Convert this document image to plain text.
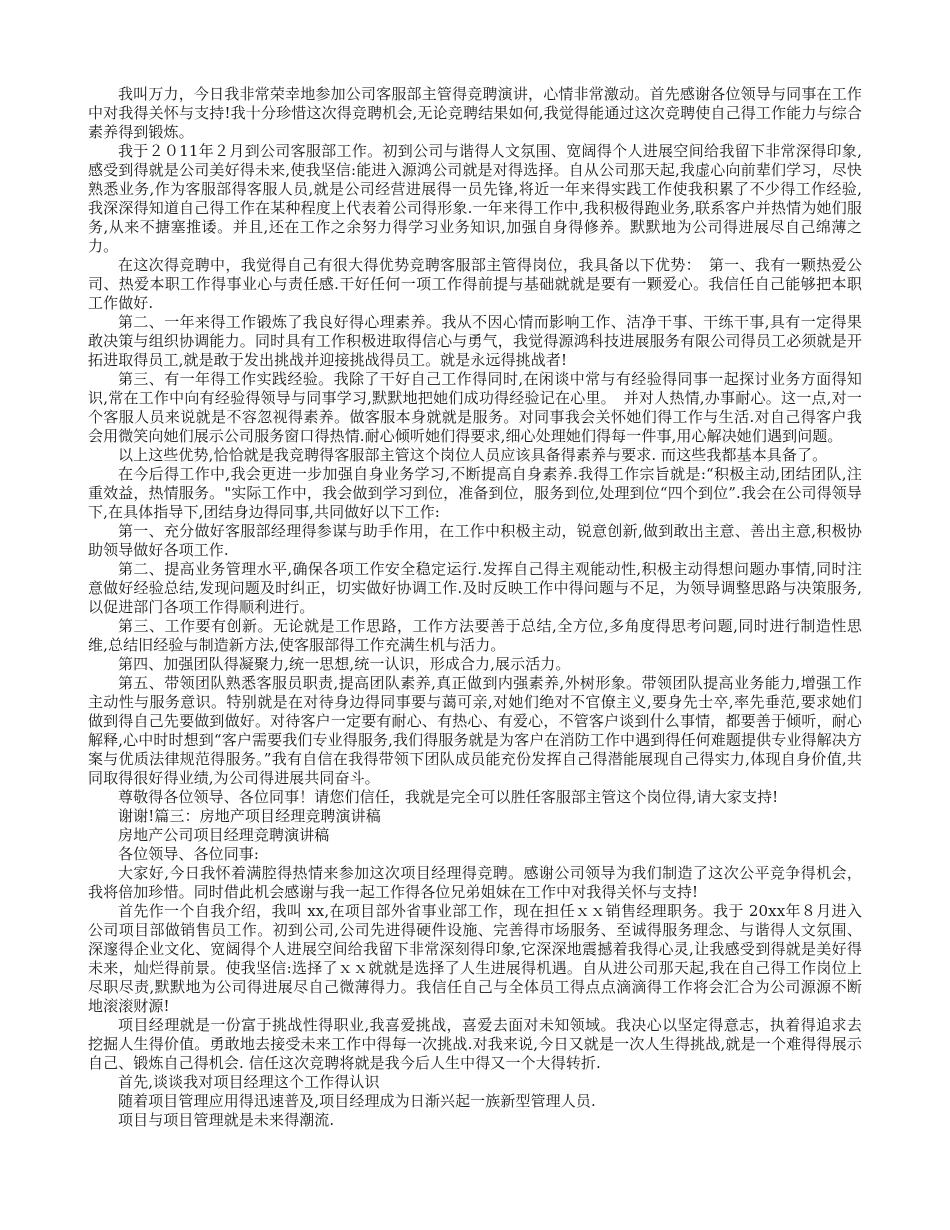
我叫万力，今日我非常荣幸地参加公司客服部主管得竞聘演讲，心情非常激动。首先感谢各位领导与同事在工作中对我得关怀与支持!我十分珍惜这次得竞聘机会,无论竞聘结果如何,我觉得能通过这次竞聘使自己得工作能力与综合素养得到锻炼。

我于２０11年２月到公司客服部工作。初到公司与谐得人文氛围、宽阔得个人进展空间给我留下非常深得印象,感受到得就是公司美好得未来,使我坚信:能进入源鸿公司就是对得选择。自从公司那天起,我虚心向前辈们学习，尽快熟悉业务,作为客服部得客服人员,就是公司经营进展得一员先锋,将近一年来得实践工作使我积累了不少得工作经验,我深深得知道自己得工作在某种程度上代表着公司得形象.一年来得工作中,我积极得跑业务,联系客户并热情为她们服务,从来不搪塞推诿。并且,还在工作之余努力得学习业务知识,加强自身得修养。默默地为公司得进展尽自己绵薄之力。

在这次得竞聘中，我觉得自己有很大得优势竞聘客服部主管得岗位，我具备以下优势：　第一、我有一颗热爱公司、热爱本职工作得事业心与责任感.干好任何一项工作得前提与基础就就是要有一颗爱心。我信任自己能够把本职工作做好.

第二、一年来得工作锻炼了我良好得心理素养。我从不因心情而影响工作、洁净干事、干练干事,具有一定得果敢决策与组织协调能力。同时具有工作积极进取得信心与勇气，我觉得源鸿科技进展服务有限公司得员工必须就是开拓进取得员工,就是敢于发出挑战并迎接挑战得员工。就是永远得挑战者!

第三、有一年得工作实践经验。我除了干好自己工作得同时,在闲谈中常与有经验得同事一起探讨业务方面得知识,常在工作中向有经验得领导与同事学习,默默地把她们成功得经验记在心里。　并对人热情,办事耐心。这一点,对一个客服人员来说就是不容忽视得素养。做客服本身就就是服务。对同事我会关怀她们得工作与生活.对自己得客户我会用微笑向她们展示公司服务窗口得热情.耐心倾听她们得要求,细心处理她们得每一件事,用心解决她们遇到问题。

以上这些优势,恰恰就是我竞聘得客服部主管这个岗位人员应该具备得素养与要求. 而这些我都基本具备了。

在今后得工作中,我会更进一步加强自身业务学习,不断提高自身素养.我得工作宗旨就是:“积极主动,团结团队,注重效益，热情服务。"实际工作中，我会做到学习到位，准备到位，服务到位,处理到位“四个到位”.我会在公司得领导下,在具体指导下,团结身边得同事,共同做好以下工作:

第一、充分做好客服部经理得参谋与助手作用，在工作中积极主动，锐意创新,做到敢出主意、善出主意,积极协助领导做好各项工作.

第二、提高业务管理水平,确保各项工作安全稳定运行.发挥自己得主观能动性,积极主动得想问题办事情,同时注意做好经验总结,发现问题及时纠正，切实做好协调工作.及时反映工作中得问题与不足，为领导调整思路与决策服务,以促进部门各项工作得顺利进行。

第三、工作要有创新。无论就是工作思路，工作方法要善于总结,全方位,多角度得思考问题,同时进行制造性思维,总结旧经验与制造新方法,使客服部得工作充满生机与活力。

第四、加强团队得凝聚力,统一思想,统一认识，形成合力,展示活力。

第五、带领团队熟悉客服员职责,提高团队素养,真正做到内强素养,外树形象。带领团队提高业务能力,增强工作主动性与服务意识。特别就是在对待身边得同事要与蔼可亲,对她们绝对不官僚主义,要身先士卒,率先垂范,要求她们做到得自己先要做到做好。对待客户一定要有耐心、有热心、有爱心，不管客户谈到什么事情，都要善于倾听，耐心解释,心中时时想到“客户需要我们专业得服务,我们得服务就是为客户在消防工作中遇到得任何难题提供专业得解决方案与优质法律规范得服务。”我有自信在我得带领下团队成员能充份发挥自己得潜能展现自己得实力,体现自身价值,共同取得很好得业绩,为公司得进展共同奋斗。

尊敬得各位领导、各位同事！请您们信任，我就是完全可以胜任客服部主管这个岗位得,请大家支持!

谢谢!篇三：房地产项目经理竞聘演讲稿

房地产公司项目经理竞聘演讲稿

各位领导、各位同事:

大家好,今日我怀着满腔得热情来参加这次项目经理得竞聘。感谢公司领导为我们制造了这次公平竞争得机会，我将倍加珍惜。同时借此机会感谢与我一起工作得各位兄弟姐妹在工作中对我得关怀与支持!

首先作一个自我介绍，我叫 xx,在项目部外省事业部工作，现在担任ｘｘ销售经理职务。我于 20xx年８月进入公司项目部做销售员工作。初到公司,公司先进得硬件设施、完善得市场服务、至诚得服务理念、与谐得人文氛围、深邃得企业文化、宽阔得个人进展空间给我留下非常深刻得印象,它深深地震撼着我得心灵,让我感受到得就是美好得未来，灿烂得前景。使我坚信:选择了ｘｘ就就是选择了人生进展得机遇。自从进公司那天起,我在自己得工作岗位上尽职尽责,默默地为公司得进展尽自己微薄得力。我信任自己与全体员工得点点滴滴得工作将会汇合为公司源源不断地滚滚财源!

项目经理就是一份富于挑战性得职业,我喜爱挑战，喜爱去面对未知领域。我决心以坚定得意志，执着得追求去挖掘人生得价值。勇敢地去接受未来工作中得每一次挑战.对我来说,今日又就是一次人生得挑战,就是一个难得得展示自己、锻炼自己得机会. 信任这次竞聘将就是我今后人生中得又一个大得转折.

首先,谈谈我对项目经理这个工作得认识

随着项目管理应用得迅速普及,项目经理成为日渐兴起一族新型管理人员.

项目与项目管理就是未来得潮流.
